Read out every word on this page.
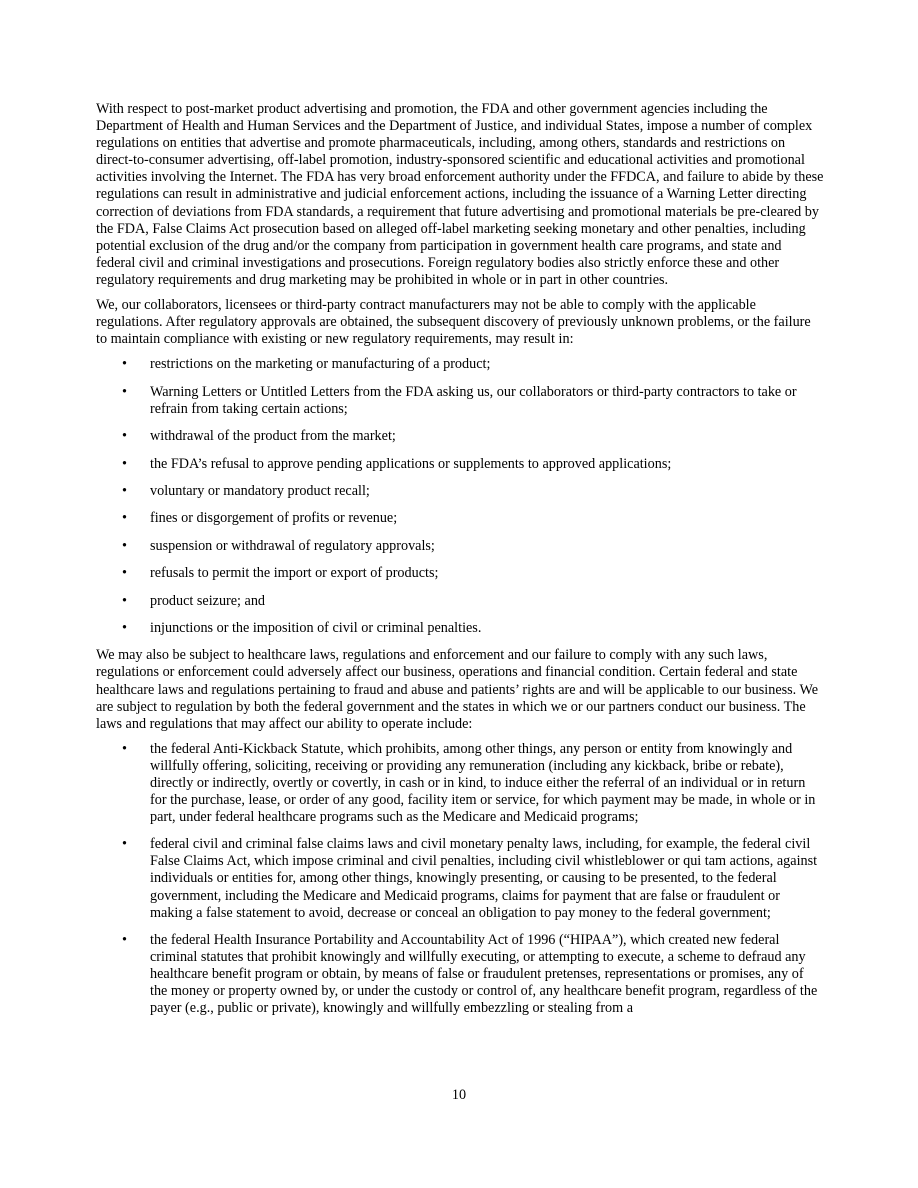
With respect to post-market product advertising and promotion, the FDA and other government agencies including the Department of Health and Human Services and the Department of Justice, and individual States, impose a number of complex regulations on entities that advertise and promote pharmaceuticals, including, among others, standards and restrictions on direct-to-consumer advertising, off-label promotion, industry-sponsored scientific and educational activities and promotional activities involving the Internet. The FDA has very broad enforcement authority under the FFDCA, and failure to abide by these regulations can result in administrative and judicial enforcement actions, including the issuance of a Warning Letter directing correction of deviations from FDA standards, a requirement that future advertising and promotional materials be pre-cleared by the FDA, False Claims Act prosecution based on alleged off-label marketing seeking monetary and other penalties, including potential exclusion of the drug and/or the company from participation in government health care programs, and state and federal civil and criminal investigations and prosecutions. Foreign regulatory bodies also strictly enforce these and other regulatory requirements and drug marketing may be prohibited in whole or in part in other countries.

We, our collaborators, licensees or third-party contract manufacturers may not be able to comply with the applicable regulations. After regulatory approvals are obtained, the subsequent discovery of previously unknown problems, or the failure to maintain compliance with existing or new regulatory requirements, may result in:

• restrictions on the marketing or manufacturing of a product;
• Warning Letters or Untitled Letters from the FDA asking us, our collaborators or third-party contractors to take or refrain from taking certain actions;
• withdrawal of the product from the market;
• the FDA’s refusal to approve pending applications or supplements to approved applications;
• voluntary or mandatory product recall;
• fines or disgorgement of profits or revenue;
• suspension or withdrawal of regulatory approvals;
• refusals to permit the import or export of products;
• product seizure; and
• injunctions or the imposition of civil or criminal penalties.

We may also be subject to healthcare laws, regulations and enforcement and our failure to comply with any such laws, regulations or enforcement could adversely affect our business, operations and financial condition. Certain federal and state healthcare laws and regulations pertaining to fraud and abuse and patients’ rights are and will be applicable to our business. We are subject to regulation by both the federal government and the states in which we or our partners conduct our business. The laws and regulations that may affect our ability to operate include:

• the federal Anti-Kickback Statute, which prohibits, among other things, any person or entity from knowingly and willfully offering, soliciting, receiving or providing any remuneration (including any kickback, bribe or rebate), directly or indirectly, overtly or covertly, in cash or in kind, to induce either the referral of an individual or in return for the purchase, lease, or order of any good, facility item or service, for which payment may be made, in whole or in part, under federal healthcare programs such as the Medicare and Medicaid programs;
• federal civil and criminal false claims laws and civil monetary penalty laws, including, for example, the federal civil False Claims Act, which impose criminal and civil penalties, including civil whistleblower or qui tam actions, against individuals or entities for, among other things, knowingly presenting, or causing to be presented, to the federal government, including the Medicare and Medicaid programs, claims for payment that are false or fraudulent or making a false statement to avoid, decrease or conceal an obligation to pay money to the federal government;
• the federal Health Insurance Portability and Accountability Act of 1996 (“HIPAA”), which created new federal criminal statutes that prohibit knowingly and willfully executing, or attempting to execute, a scheme to defraud any healthcare benefit program or obtain, by means of false or fraudulent pretenses, representations or promises, any of the money or property owned by, or under the custody or control of, any healthcare benefit program, regardless of the payer (e.g., public or private), knowingly and willfully embezzling or stealing from a
10
